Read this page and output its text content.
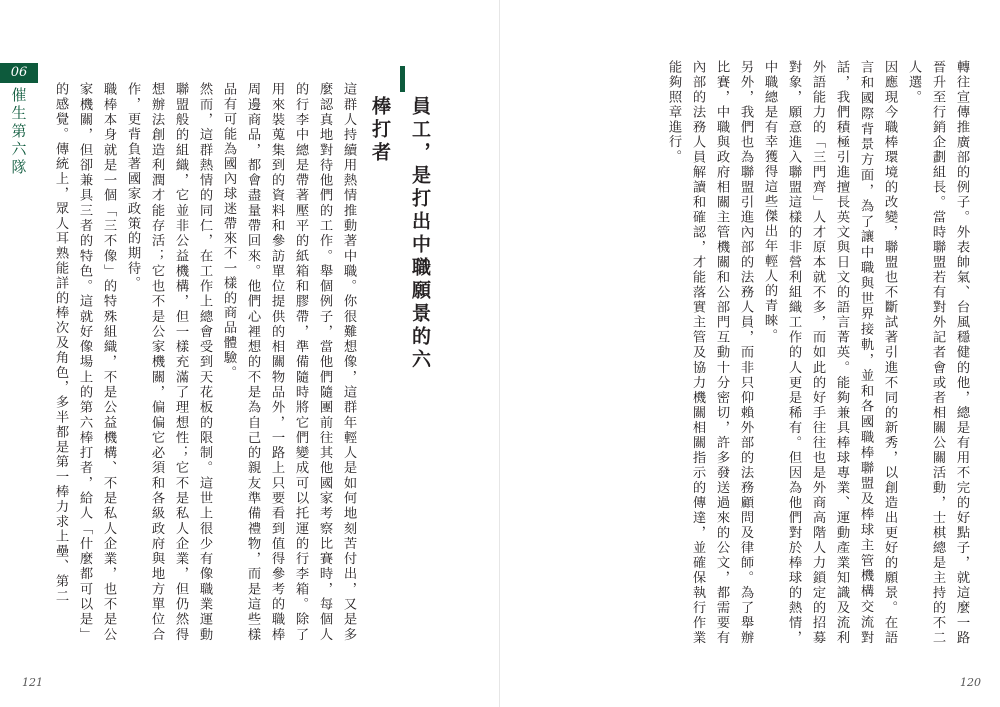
06
催生第六隊	員工，是打出中職願景的六棒打者

這群人持續用熱情推動著中職。你很難想像，這群年輕人是如何地刻苦付出，又是多麼認真地對待他們的工作。舉個例子，當他們隨團前往其他國家考察比賽時，每個人的行李中總是帶著壓平的紙箱和膠帶，準備隨時將它們變成可以托運的行李箱。除了用來裝蒐集到的資料和參訪單位提供的相關物品外，一路上只要看到值得參考的職棒周邊商品，都會盡量帶回來。他們心裡想的不是為自己的親友準備禮物，而是這些樣品有可能為國內球迷帶來不一樣的商品體驗。

然而，這群熱情的同仁，在工作上總會受到天花板的限制。這世上很少有像職業運動聯盟般的組織，它並非公益機構，但一樣充滿了理想性；它不是私人企業，但仍然得想辦法創造利潤才能存活；它也不是公家機關，偏偏它必須和各級政府與地方單位合作，更背負著國家政策的期待。

職棒本身就是一個「三不像」的特殊組織，不是公益機構、不是私人企業，也不是公家機關，但卻兼具三者的特色。這就好像場上的第六棒打者，給人「什麼都可以是」的感覺。傳統上，眾人耳熟能詳的棒次及角色，多半都是第一棒力求上壘、第二

121

轉往宣傳推廣部的例子。外表帥氣、台風穩健的他，總是有用不完的好點子，就這麼一路晉升至行銷企劃組長。當時聯盟若有對外記者會或者相關公關活動，士棋總是主持的不二人選。

因應現今職棒環境的改變，聯盟也不斷試著引進不同的新秀，以創造出更好的願景。在語言和國際背景方面，為了讓中職與世界接軌，並和各國職棒聯盟及棒球主管機構交流對話，我們積極引進擅長英文與日文的語言菁英。能夠兼具棒球專業、運動產業知識及流利外語能力的「三門齊」人才原本就不多，而如此的好手往往也是外商高階人力鎖定的招募對象，願意進入聯盟這樣的非營利組織工作的人更是稀有。但因為他們對於棒球的熱情，中職總是有幸獲得這些傑出年輕人的青睞。

另外，我們也為聯盟引進內部的法務人員，而非只仰賴外部的法務顧問及律師。為了舉辦比賽，中職與政府相關主管機關和公部門互動十分密切，許多發送過來的公文，都需要有內部的法務人員解讀和確認，才能落實主管及協力機關相關指示的傳達，並確保執行作業能夠照章進行。

120
